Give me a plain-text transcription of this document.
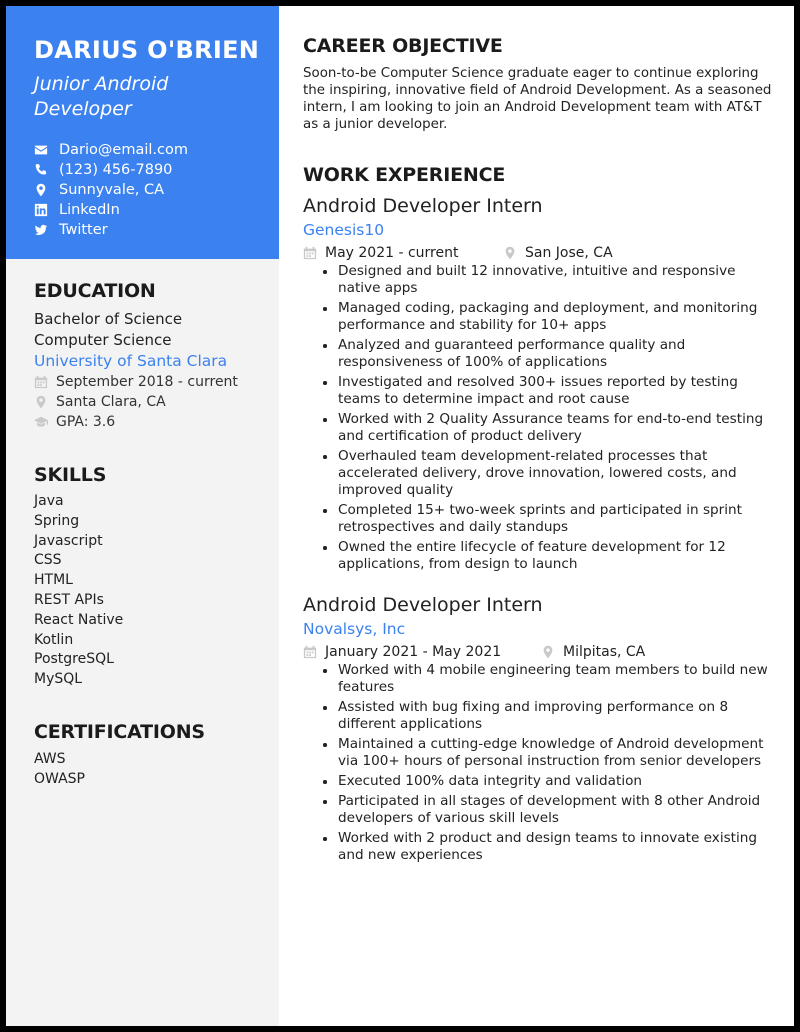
DARIUS O'BRIEN
Junior Android Developer
Dario@email.com
(123) 456-7890
Sunnyvale, CA
LinkedIn
Twitter
EDUCATION
Bachelor of Science
Computer Science
University of Santa Clara
September 2018 - current
Santa Clara, CA
GPA: 3.6
SKILLS
Java
Spring
Javascript
CSS
HTML
REST APIs
React Native
Kotlin
PostgreSQL
MySQL
CERTIFICATIONS
AWS
OWASP
CAREER OBJECTIVE
Soon-to-be Computer Science graduate eager to continue exploring the inspiring, innovative field of Android Development. As a seasoned intern, I am looking to join an Android Development team with AT&T as a junior developer.
WORK EXPERIENCE
Android Developer Intern
Genesis10
May 2021 - current	San Jose, CA
Designed and built 12 innovative, intuitive and responsive native apps
Managed coding, packaging and deployment, and monitoring performance and stability for 10+ apps
Analyzed and guaranteed performance quality and responsiveness of 100% of applications
Investigated and resolved 300+ issues reported by testing teams to determine impact and root cause
Worked with 2 Quality Assurance teams for end-to-end testing and certification of product delivery
Overhauled team development-related processes that accelerated delivery, drove innovation, lowered costs, and improved quality
Completed 15+ two-week sprints and participated in sprint retrospectives and daily standups
Owned the entire lifecycle of feature development for 12 applications, from design to launch
Android Developer Intern
Novalsys, Inc
January 2021 - May 2021	Milpitas, CA
Worked with 4 mobile engineering team members to build new features
Assisted with bug fixing and improving performance on 8 different applications
Maintained a cutting-edge knowledge of Android development via 100+ hours of personal instruction from senior developers
Executed 100% data integrity and validation
Participated in all stages of development with 8 other Android developers of various skill levels
Worked with 2 product and design teams to innovate existing and new experiences
